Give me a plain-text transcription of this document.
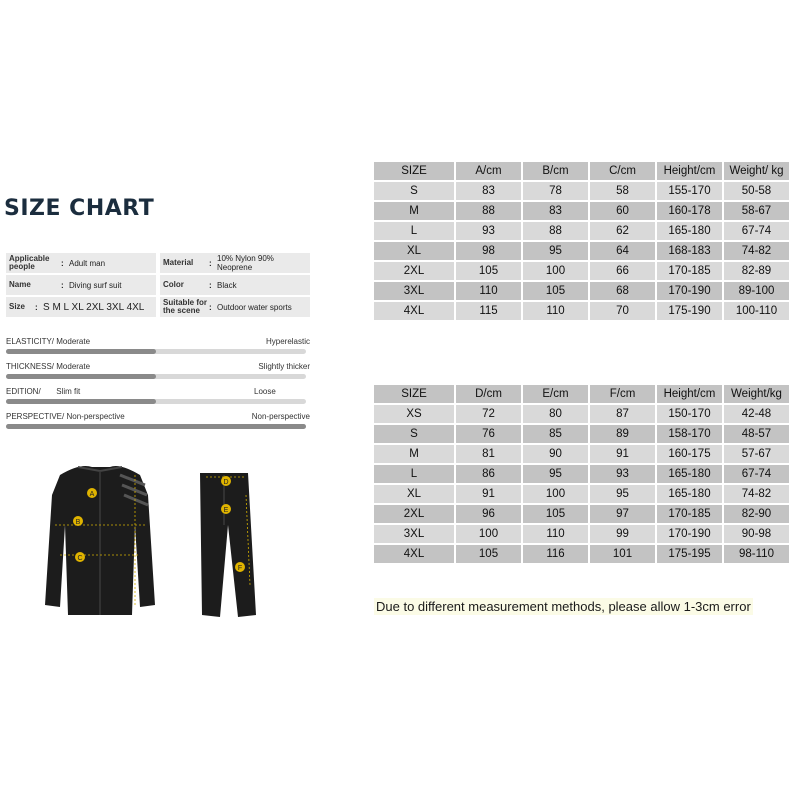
SIZE CHART
Applicable people	: Adult man	Material	: 10% Nylon 90% Neoprene
Name	: Diving surf suit	Color	: Black
Size	: S M L XL 2XL 3XL 4XL	Suitable for the scene	: Outdoor water sports
ELASTICITY/ Moderate	Hyperelastic
THICKNESS/ Moderate	Slightly thicker
EDITION/ Slim fit	Loose
PERSPECTIVE/ Non-perspective	Non-perspective
A
B
C
D
E
F
SIZE	A/cm	B/cm	C/cm	Height/cm	Weight/ kg
S	83	78	58	155-170	50-58
M	88	83	60	160-178	58-67
L	93	88	62	165-180	67-74
XL	98	95	64	168-183	74-82
2XL	105	100	66	170-185	82-89
3XL	110	105	68	170-190	89-100
4XL	115	110	70	175-190	100-110
SIZE	D/cm	E/cm	F/cm	Height/cm	Weight/kg
XS	72	80	87	150-170	42-48
S	76	85	89	158-170	48-57
M	81	90	91	160-175	57-67
L	86	95	93	165-180	67-74
XL	91	100	95	165-180	74-82
2XL	96	105	97	170-185	82-90
3XL	100	110	99	170-190	90-98
4XL	105	116	101	175-195	98-110
Due to different measurement methods, please allow 1-3cm error
